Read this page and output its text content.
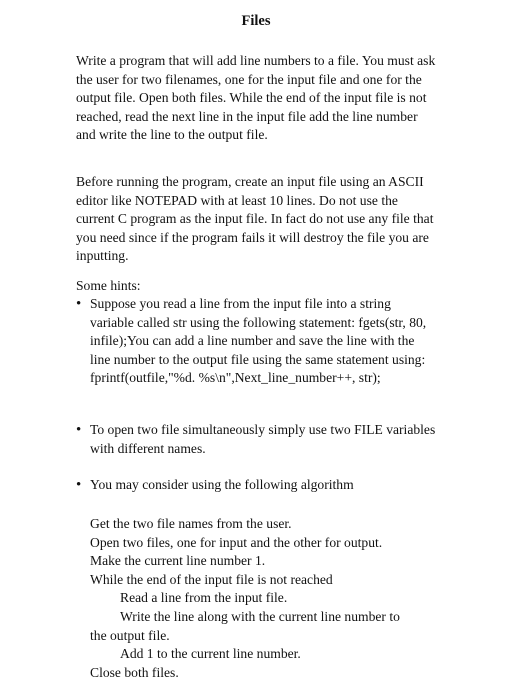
Files

Write a program that will add line numbers to a file. You must ask the user for two filenames, one for the input file and one for the output file. Open both files. While the end of the input file is not reached, read the next line in the input file add the line number and write the line to the output file.

Before running the program, create an input file using an ASCII editor like NOTEPAD with at least 10 lines. Do not use the current C program as the input file. In fact do not use any file that you need since if the program fails it will destroy the file you are inputting.

Some hints:

• Suppose you read a line from the input file into a string variable called str using the following statement: fgets(str, 80, infile);You can add a line number and save the line with the line number to the output file using the same statement using: fprintf(outfile,"%d. %s\n",Next_line_number++, str);
• To open two file simultaneously simply use two FILE variables with different names.
• You may consider using the following algorithm
Get the two file names from the user.
Open two files, one for input and the other for output.
Make the current line number 1.
While the end of the input file is not reached
Read a line from the input file.
Write the line along with the current line number to
the output file.
Add 1 to the current line number.
Close both files.
